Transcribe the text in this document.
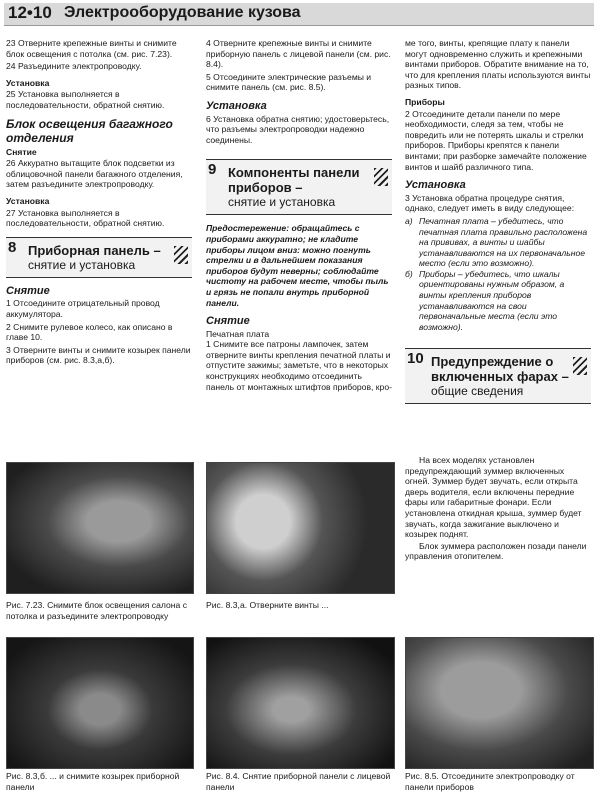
12•10 Электрооборудование кузова

23 Отверните крепежные винты и снимите блок освещения с потолка (см. рис. 7.23).

24 Разъедините электропроводку.

Установка

25 Установка выполняется в последовательности, обратной снятию.

Блок освещения багажного отделения
Снятие

26 Аккуратно вытащите блок подсветки из облицовочной панели багажного отделения, затем разъедините электропроводку.

Установка

27 Установка выполняется в последовательности, обратной снятию.

8 Приборная панель –
снятие и установка
Снятие

1 Отсоедините отрицательный провод аккумулятора.

2 Снимите рулевое колесо, как описано в главе 10.

3 Отверните винты и снимите козырек панели приборов (см. рис. 8.3,а,б).

4 Отверните крепежные винты и снимите приборную панель с лицевой панели (см. рис. 8.4).

5 Отсоедините электрические разъемы и снимите панель (см. рис. 8.5).

Установка

6 Установка обратна снятию; удостоверьтесь, что разъемы электропроводки надежно соединены.

9 Компоненты панели приборов –
снятие и установка

Предостережение: обращайтесь с приборами аккуратно; не кладите приборы лицом вниз: можно погнуть стрелки и в дальнейшем показания приборов будут неверны; соблюдайте чистоту на рабочем месте, чтобы пыль и грязь не попали внутрь приборной панели.

Снятие
Печатная плата

1 Снимите все патроны лампочек, затем отверните винты крепления печатной платы и отпустите зажимы; заметьте, что в некоторых конструкциях необходимо отсоединить панель от монтажных штифтов приборов, кро-

ме того, винты, крепящие плату к панели могут одновременно служить и крепежными винтами приборов. Обратите внимание на то, что для крепления платы используются винты разных типов.

Приборы

2 Отсоедините детали панели по мере необходимости, следя за тем, чтобы не повредить или не потерять шкалы и стрелки приборов. Приборы крепятся к панели винтами; при разборке замечайте положение винтов и шайб различного типа.

Установка

3 Установка обратна процедуре снятия, однако, следует иметь в виду следующее:

а) Печатная плата – убедитесь, что печатная плата правильно расположена на прививах, а винты и шайбы устанавливаются на их первоначальное место (если это возможно).
б) Приборы – убедитесь, что шкалы ориентированы нужным образом, а винты крепления приборов устанавливаются на свои первоначальные места (если это возможно).
10 Предупреждение о включенных фарах –
общие сведения

На всех моделях установлен предупреждающий зуммер включенных огней. Зуммер будет звучать, если открыта дверь водителя, если включены передние фары или габаритные фонари. Если установлена откидная крыша, зуммер будет звучать, когда зажигание выключено и козырек поднят.

Блок зуммера расположен позади панели управления отопителем.

Рис. 7.23. Снимите блок освещения салона с потолка и разъедините электропроводку
Рис. 8.3,а. Отверните винты ...
Рис. 8.3,б. ... и снимите козырек приборной панели
Рис. 8.4. Снятие приборной панели с лицевой панели
Рис. 8.5. Отсоедините электропроводку от панели приборов
